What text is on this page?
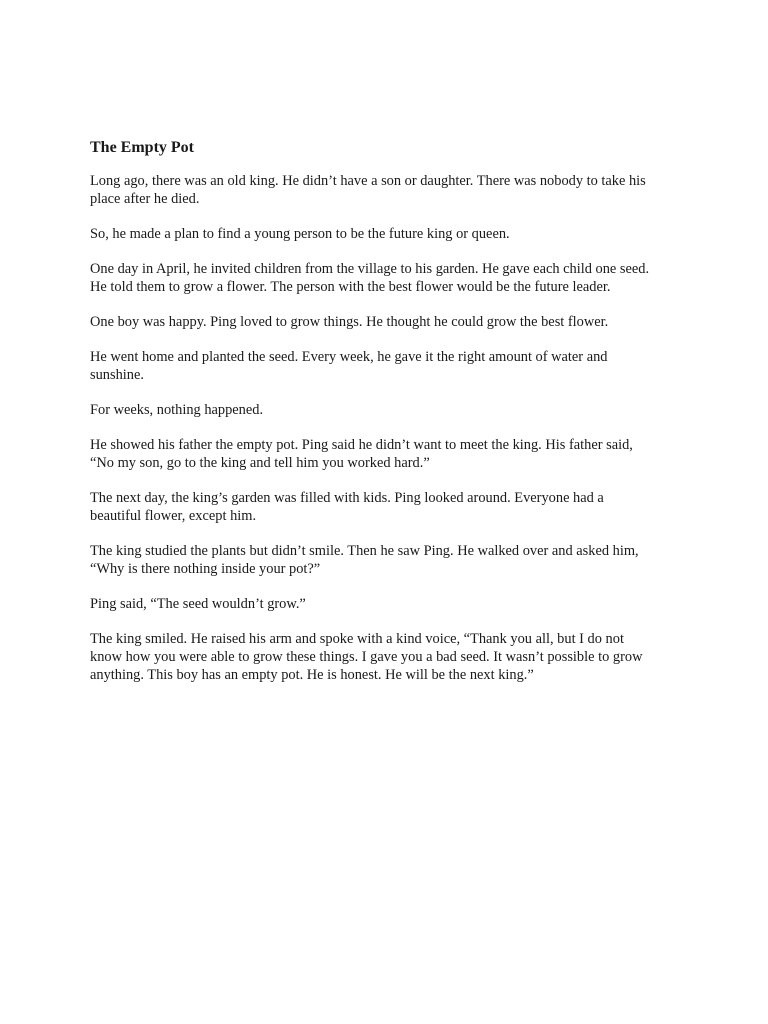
The Empty Pot

Long ago, there was an old king. He didn’t have a son or daughter. There was nobody to take his
place after he died.

So, he made a plan to find a young person to be the future king or queen.

One day in April, he invited children from the village to his garden. He gave each child one seed.
He told them to grow a flower. The person with the best flower would be the future leader.

One boy was happy. Ping loved to grow things. He thought he could grow the best flower.

He went home and planted the seed. Every week, he gave it the right amount of water and
sunshine.

For weeks, nothing happened.

He showed his father the empty pot. Ping said he didn’t want to meet the king. His father said,
“No my son, go to the king and tell him you worked hard.”

The next day, the king’s garden was filled with kids. Ping looked around. Everyone had a
beautiful flower, except him.

The king studied the plants but didn’t smile. Then he saw Ping. He walked over and asked him,
“Why is there nothing inside your pot?”

Ping said, “The seed wouldn’t grow.”

The king smiled. He raised his arm and spoke with a kind voice, “Thank you all, but I do not
know how you were able to grow these things. I gave you a bad seed. It wasn’t possible to grow
anything. This boy has an empty pot. He is honest. He will be the next king.”
